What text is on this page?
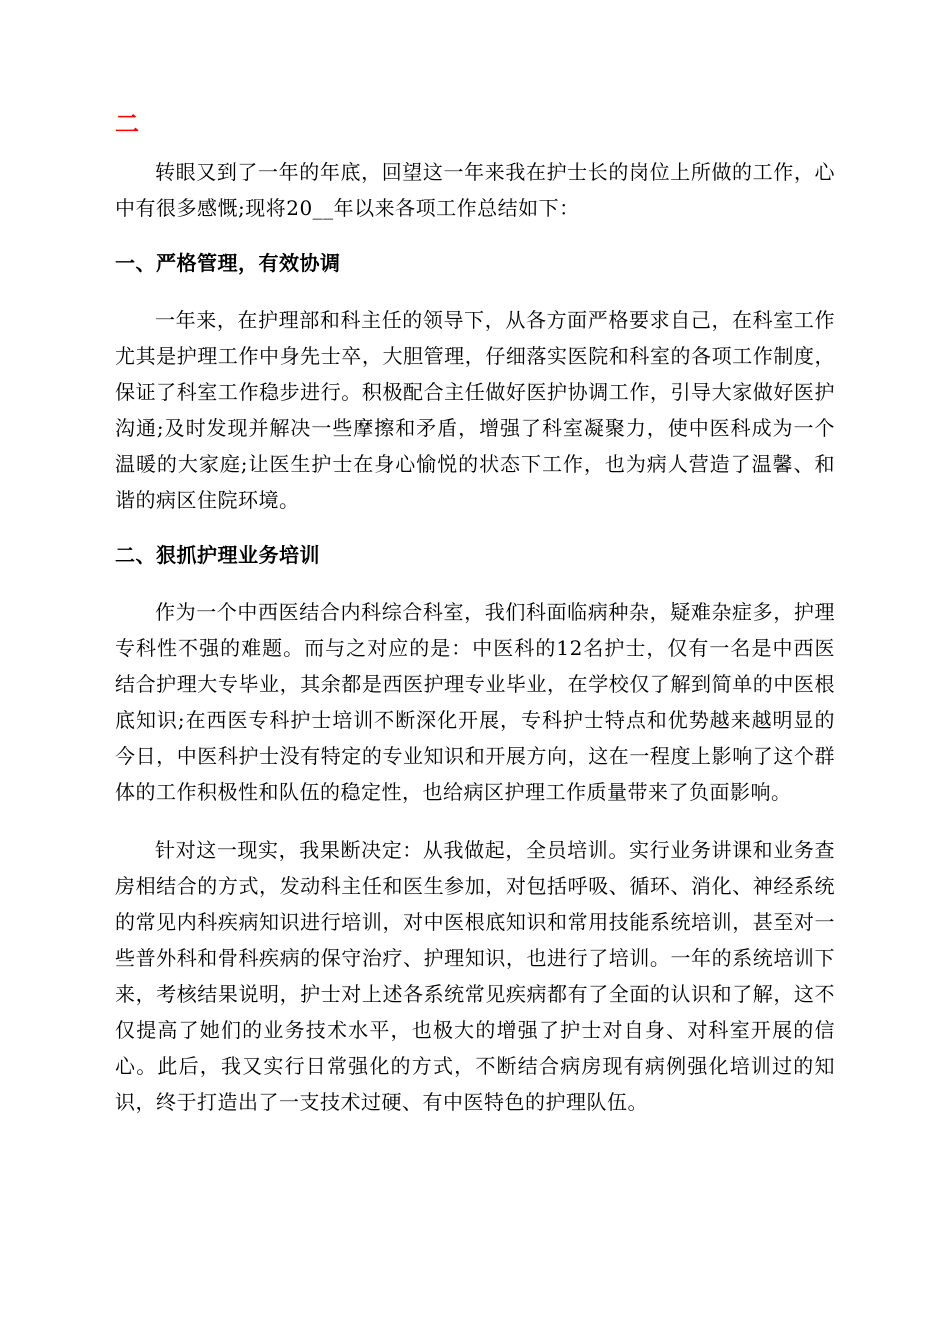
二

转眼又到了一年的年底，回望这一年来我在护士长的岗位上所做的工作，心中有很多感慨;现将20__年以来各项工作总结如下：

一、严格管理，有效协调

一年来，在护理部和科主任的领导下，从各方面严格要求自己，在科室工作尤其是护理工作中身先士卒，大胆管理，仔细落实医院和科室的各项工作制度，保证了科室工作稳步进行。积极配合主任做好医护协调工作，引导大家做好医护沟通;及时发现并解决一些摩擦和矛盾，增强了科室凝聚力，使中医科成为一个温暖的大家庭;让医生护士在身心愉悦的状态下工作，也为病人营造了温馨、和谐的病区住院环境。

二、狠抓护理业务培训

作为一个中西医结合内科综合科室，我们科面临病种杂，疑难杂症多，护理专科性不强的难题。而与之对应的是：中医科的12名护士，仅有一名是中西医结合护理大专毕业，其余都是西医护理专业毕业，在学校仅了解到简单的中医根底知识;在西医专科护士培训不断深化开展，专科护士特点和优势越来越明显的今日，中医科护士没有特定的专业知识和开展方向，这在一程度上影响了这个群体的工作积极性和队伍的稳定性，也给病区护理工作质量带来了负面影响。

针对这一现实，我果断决定：从我做起，全员培训。实行业务讲课和业务查房相结合的方式，发动科主任和医生参加，对包括呼吸、循环、消化、神经系统的常见内科疾病知识进行培训，对中医根底知识和常用技能系统培训，甚至对一些普外科和骨科疾病的保守治疗、护理知识，也进行了培训。一年的系统培训下来，考核结果说明，护士对上述各系统常见疾病都有了全面的认识和了解，这不仅提高了她们的业务技术水平，也极大的增强了护士对自身、对科室开展的信心。此后，我又实行日常强化的方式，不断结合病房现有病例强化培训过的知识，终于打造出了一支技术过硬、有中医特色的护理队伍。
